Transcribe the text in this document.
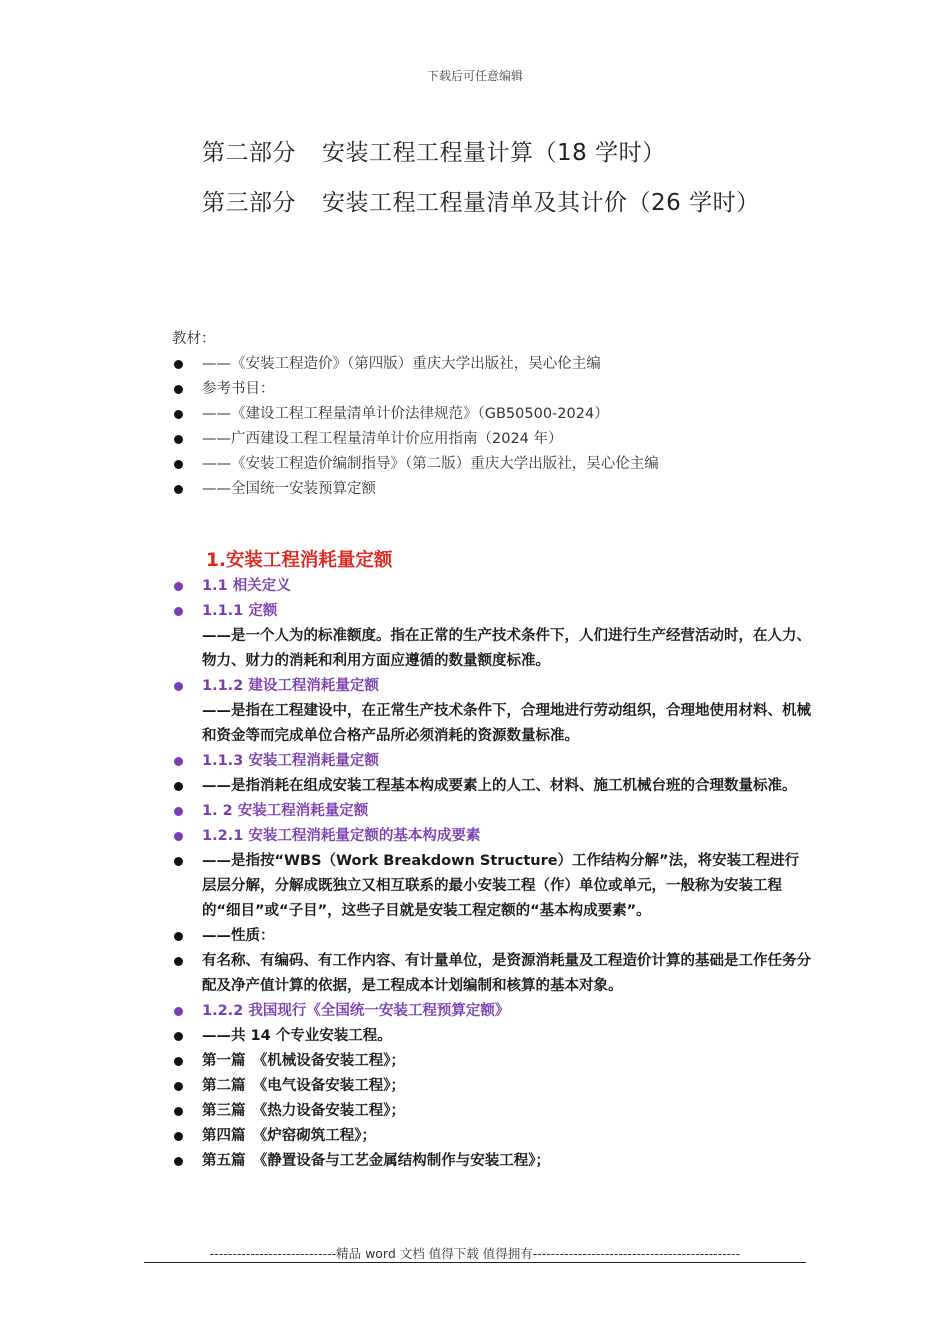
下载后可任意编辑
第二部分 安装工程工程量计算（18 学时）
第三部分 安装工程工程量清单及其计价（26 学时）
教材：
——《安装工程造价》（第四版）重庆大学出版社，吴心伦主编
参考书目：
——《建设工程工程量清单计价法律规范》（GB50500-2024）
——广西建设工程工程量清单计价应用指南（2024 年）
——《安装工程造价编制指导》（第二版）重庆大学出版社，吴心伦主编
——全国统一安装预算定额
1.安装工程消耗量定额
1.1 相关定义
1.1.1 定额
——是一个人为的标准额度。指在正常的生产技术条件下，人们进行生产经营活动时，在人力、物力、财力的消耗和利用方面应遵循的数量额度标准。
1.1.2 建设工程消耗量定额
——是指在工程建设中，在正常生产技术条件下，合理地进行劳动组织，合理地使用材料、机械和资金等而完成单位合格产品所必须消耗的资源数量标准。
1.1.3 安装工程消耗量定额
——是指消耗在组成安装工程基本构成要素上的人工、材料、施工机械台班的合理数量标准。
1. 2 安装工程消耗量定额
1.2.1 安装工程消耗量定额的基本构成要素
——是指按“WBS（Work Breakdown Structure）工作结构分解”法，将安装工程进行层层分解，分解成既独立又相互联系的最小安装工程（作）单位或单元，一般称为安装工程的“细目”或“子目”，这些子目就是安装工程定额的“基本构成要素”。
——性质：
有名称、有编码、有工作内容、有计量单位，是资源消耗量及工程造价计算的基础是工作任务分配及净产值计算的依据，是工程成本计划编制和核算的基本对象。
1.2.2 我国现行《全国统一安装工程预算定额》
——共 14 个专业安装工程。
第一篇　《机械设备安装工程》；
第二篇　《电气设备安装工程》；
第三篇　《热力设备安装工程》；
第四篇　《炉窑砌筑工程》；
第五篇　《静置设备与工艺金属结构制作与安装工程》；
----------------------------精品 word 文档 值得下载 值得拥有----------------------------------------------
